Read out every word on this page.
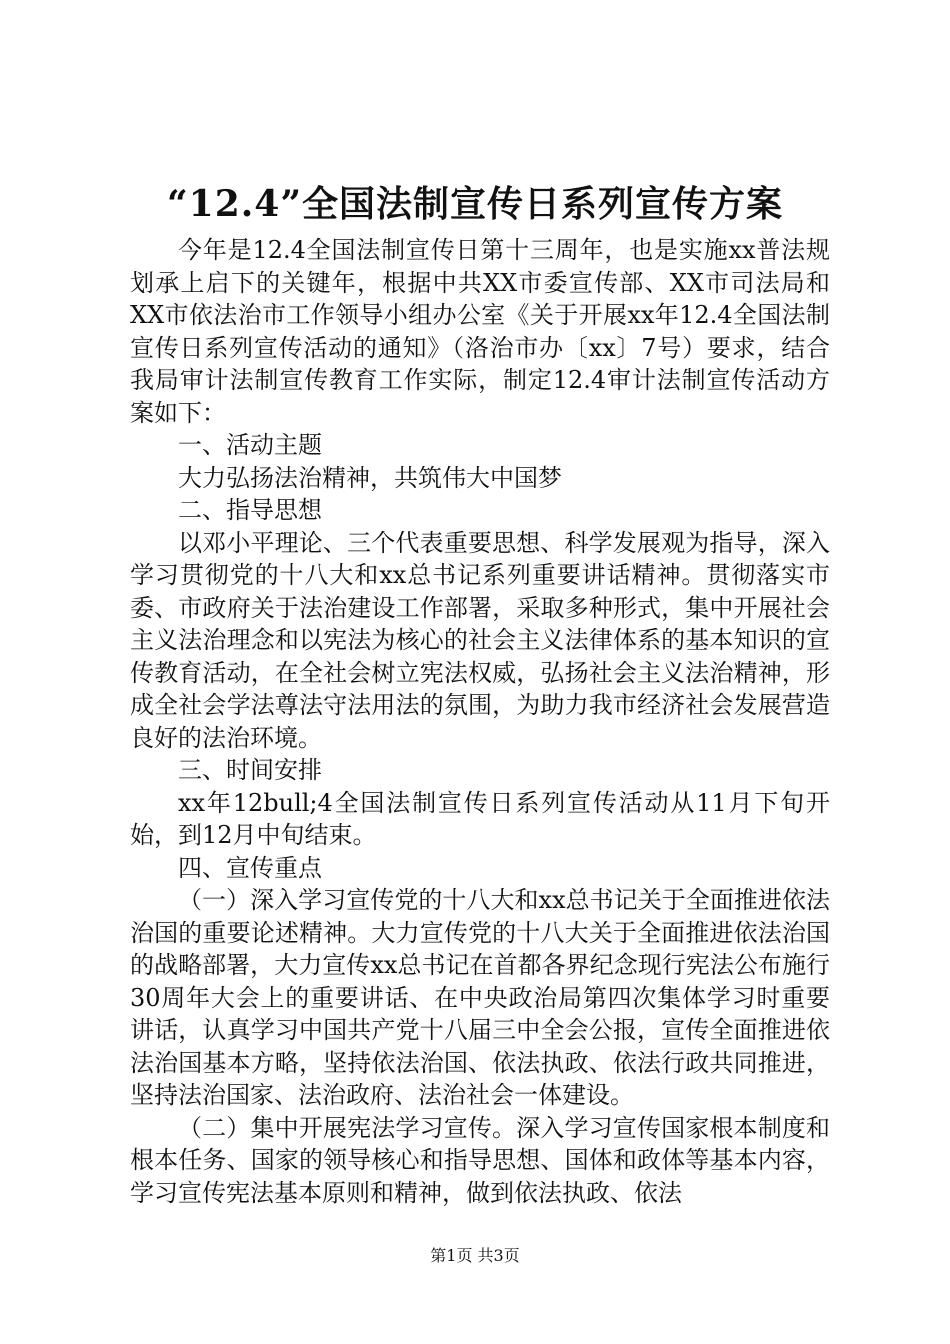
“12.4”全国法制宣传日系列宣传方案

今年是12.4全国法制宣传日第十三周年，也是实施xx普法规划承上启下的关键年，根据中共XX市委宣传部、XX市司法局和XX市依法治市工作领导小组办公室《关于开展xx年12.4全国法制宣传日系列宣传活动的通知》（洛治市办〔xx〕7号）要求，结合我局审计法制宣传教育工作实际，制定12.4审计法制宣传活动方案如下：

一、活动主题

大力弘扬法治精神，共筑伟大中国梦

二、指导思想

以邓小平理论、三个代表重要思想、科学发展观为指导，深入学习贯彻党的十八大和xx总书记系列重要讲话精神。贯彻落实市委、市政府关于法治建设工作部署，采取多种形式，集中开展社会主义法治理念和以宪法为核心的社会主义法律体系的基本知识的宣传教育活动，在全社会树立宪法权威，弘扬社会主义法治精神，形成全社会学法尊法守法用法的氛围，为助力我市经济社会发展营造良好的法治环境。

三、时间安排

xx年12bull;4全国法制宣传日系列宣传活动从11月下旬开始，到12月中旬结束。

四、宣传重点

（一）深入学习宣传党的十八大和xx总书记关于全面推进依法治国的重要论述精神。大力宣传党的十八大关于全面推进依法治国的战略部署，大力宣传xx总书记在首都各界纪念现行宪法公布施行30周年大会上的重要讲话、在中央政治局第四次集体学习时重要讲话，认真学习中国共产党十八届三中全会公报，宣传全面推进依法治国基本方略，坚持依法治国、依法执政、依法行政共同推进，坚持法治国家、法治政府、法治社会一体建设。

（二）集中开展宪法学习宣传。深入学习宣传国家根本制度和根本任务、国家的领导核心和指导思想、国体和政体等基本内容，学习宣传宪法基本原则和精神，做到依法执政、依法

第1页 共3页
